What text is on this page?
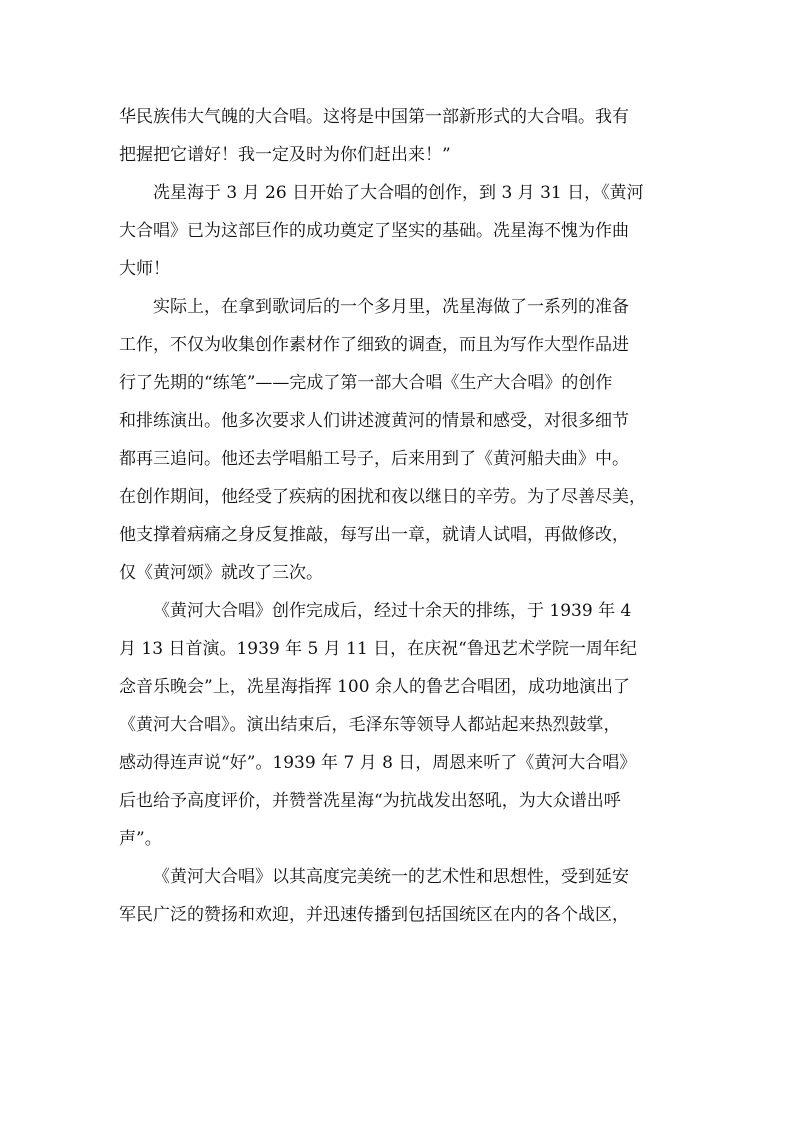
华民族伟大气魄的大合唱。这将是中国第一部新形式的大合唱。我有
把握把它谱好！我一定及时为你们赶出来！”
冼星海于 3 月 26 日开始了大合唱的创作，到 3 月 31 日，《黄河
大合唱》已为这部巨作的成功奠定了坚实的基础。冼星海不愧为作曲
大师！
实际上，在拿到歌词后的一个多月里，冼星海做了一系列的准备
工作，不仅为收集创作素材作了细致的调查，而且为写作大型作品进
行了先期的“练笔”——完成了第一部大合唱《生产大合唱》的创作
和排练演出。他多次要求人们讲述渡黄河的情景和感受，对很多细节
都再三追问。他还去学唱船工号子，后来用到了《黄河船夫曲》中。
在创作期间，他经受了疾病的困扰和夜以继日的辛劳。为了尽善尽美，
他支撑着病痛之身反复推敲，每写出一章，就请人试唱，再做修改，
仅《黄河颂》就改了三次。
《黄河大合唱》创作完成后，经过十余天的排练，于 1939 年 4
月 13 日首演。1939 年 5 月 11 日，在庆祝“鲁迅艺术学院一周年纪
念音乐晚会”上，冼星海指挥 100 余人的鲁艺合唱团，成功地演出了
《黄河大合唱》。演出结束后，毛泽东等领导人都站起来热烈鼓掌，
感动得连声说“好”。1939 年 7 月 8 日，周恩来听了《黄河大合唱》
后也给予高度评价，并赞誉冼星海“为抗战发出怒吼，为大众谱出呼
声”。
《黄河大合唱》以其高度完美统一的艺术性和思想性，受到延安
军民广泛的赞扬和欢迎，并迅速传播到包括国统区在内的各个战区，
